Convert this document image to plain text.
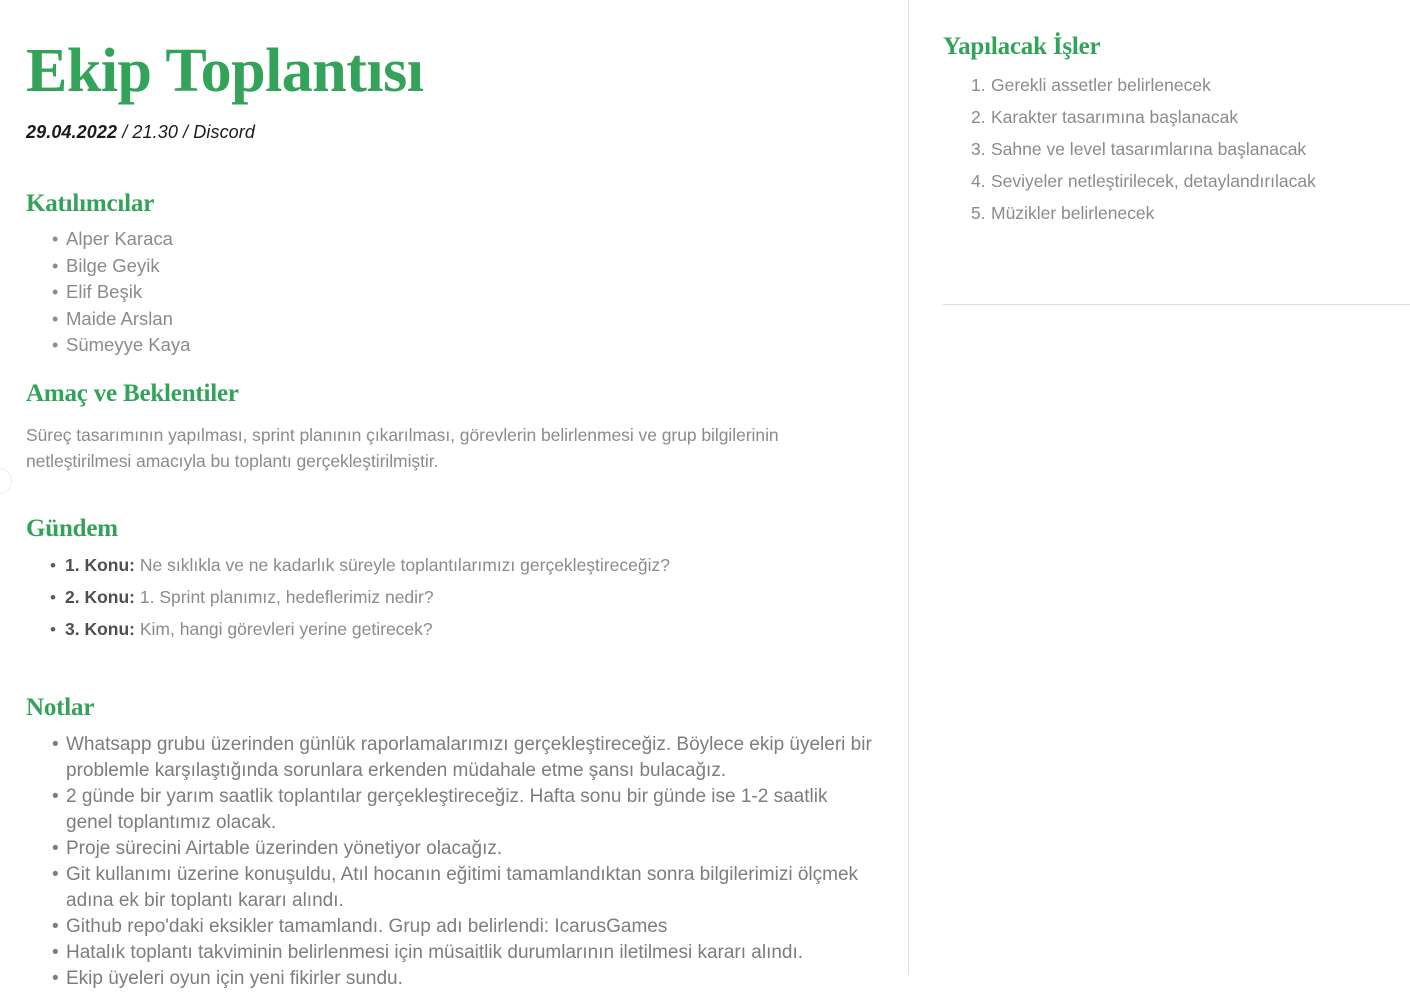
Ekip Toplantısı

29.04.2022 / 21.30 / Discord

Katılımcılar
• Alper Karaca
• Bilge Geyik
• Elif Beşik
• Maide Arslan
• Sümeyye Kaya
Amaç ve Beklentiler

Süreç tasarımının yapılması, sprint planının çıkarılması, görevlerin belirlenmesi ve grup bilgilerinin netleştirilmesi amacıyla bu toplantı gerçekleştirilmiştir.

Gündem
• 1. Konu: Ne sıklıkla ve ne kadarlık süreyle toplantılarımızı gerçekleştireceğiz?
• 2. Konu: 1. Sprint planımız, hedeflerimiz nedir?
• 3. Konu: Kim, hangi görevleri yerine getirecek?
Notlar
• Whatsapp grubu üzerinden günlük raporlamalarımızı gerçekleştireceğiz. Böylece ekip üyeleri bir problemle karşılaştığında sorunlara erkenden müdahale etme şansı bulacağız.
• 2 günde bir yarım saatlik toplantılar gerçekleştireceğiz. Hafta sonu bir günde ise 1-2 saatlik genel toplantımız olacak.
• Proje sürecini Airtable üzerinden yönetiyor olacağız.
• Git kullanımı üzerine konuşuldu, Atıl hocanın eğitimi tamamlandıktan sonra bilgilerimizi ölçmek adına ek bir toplantı kararı alındı.
• Github repo'daki eksikler tamamlandı. Grup adı belirlendi: IcarusGames
• Hatalık toplantı takviminin belirlenmesi için müsaitlik durumlarının iletilmesi kararı alındı.
• Ekip üyeleri oyun için yeni fikirler sundu.
Yapılacak İşler
Gerekli assetler belirlenecek
Karakter tasarımına başlanacak
Sahne ve level tasarımlarına başlanacak
Seviyeler netleştirilecek, detaylandırılacak
Müzikler belirlenecek
